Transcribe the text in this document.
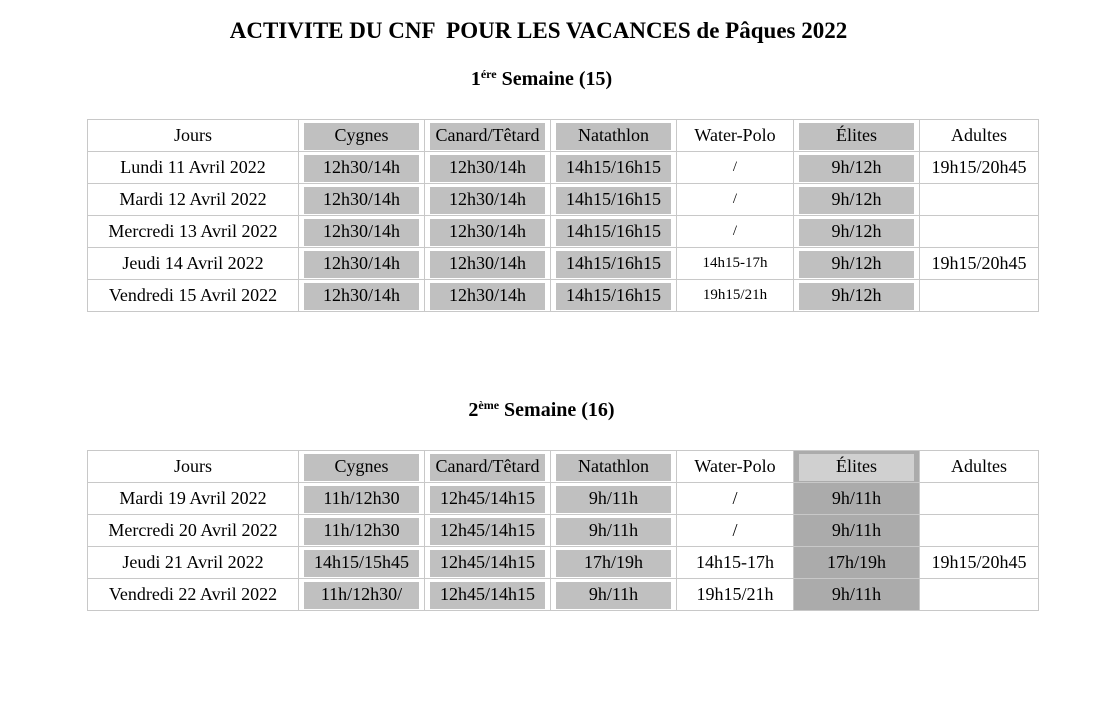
ACTIVITE DU CNF  POUR LES VACANCES de Pâques 2022
$1^{ére}$ Semaine (15)
Jours	Cygnes	Canard/Têtard	Natathlon	Water-Polo	Élites	Adultes
Lundi 11 Avril 2022	12h30/14h	12h30/14h	14h15/16h15	/	9h/12h	19h15/20h45
Mardi 12 Avril 2022	12h30/14h	12h30/14h	14h15/16h15	/	9h/12h	
Mercredi 13 Avril 2022	12h30/14h	12h30/14h	14h15/16h15	/	9h/12h	
Jeudi 14 Avril 2022	12h30/14h	12h30/14h	14h15/16h15	14h15-17h	9h/12h	19h15/20h45
Vendredi 15 Avril 2022	12h30/14h	12h30/14h	14h15/16h15	19h15/21h	9h/12h	
2ème Semaine (16)
Jours	Cygnes	Canard/Têtard	Natathlon	Water-Polo	Élites	Adultes
Mardi 19 Avril 2022	11h/12h30	12h45/14h15	9h/11h	/	9h/11h	
Mercredi 20 Avril 2022	11h/12h30	12h45/14h15	9h/11h	/	9h/11h	
Jeudi 21 Avril 2022	14h15/15h45	12h45/14h15	17h/19h	14h15-17h	17h/19h	19h15/20h45
Vendredi 22 Avril 2022	11h/12h30/	12h45/14h15	9h/11h	19h15/21h	9h/11h	
